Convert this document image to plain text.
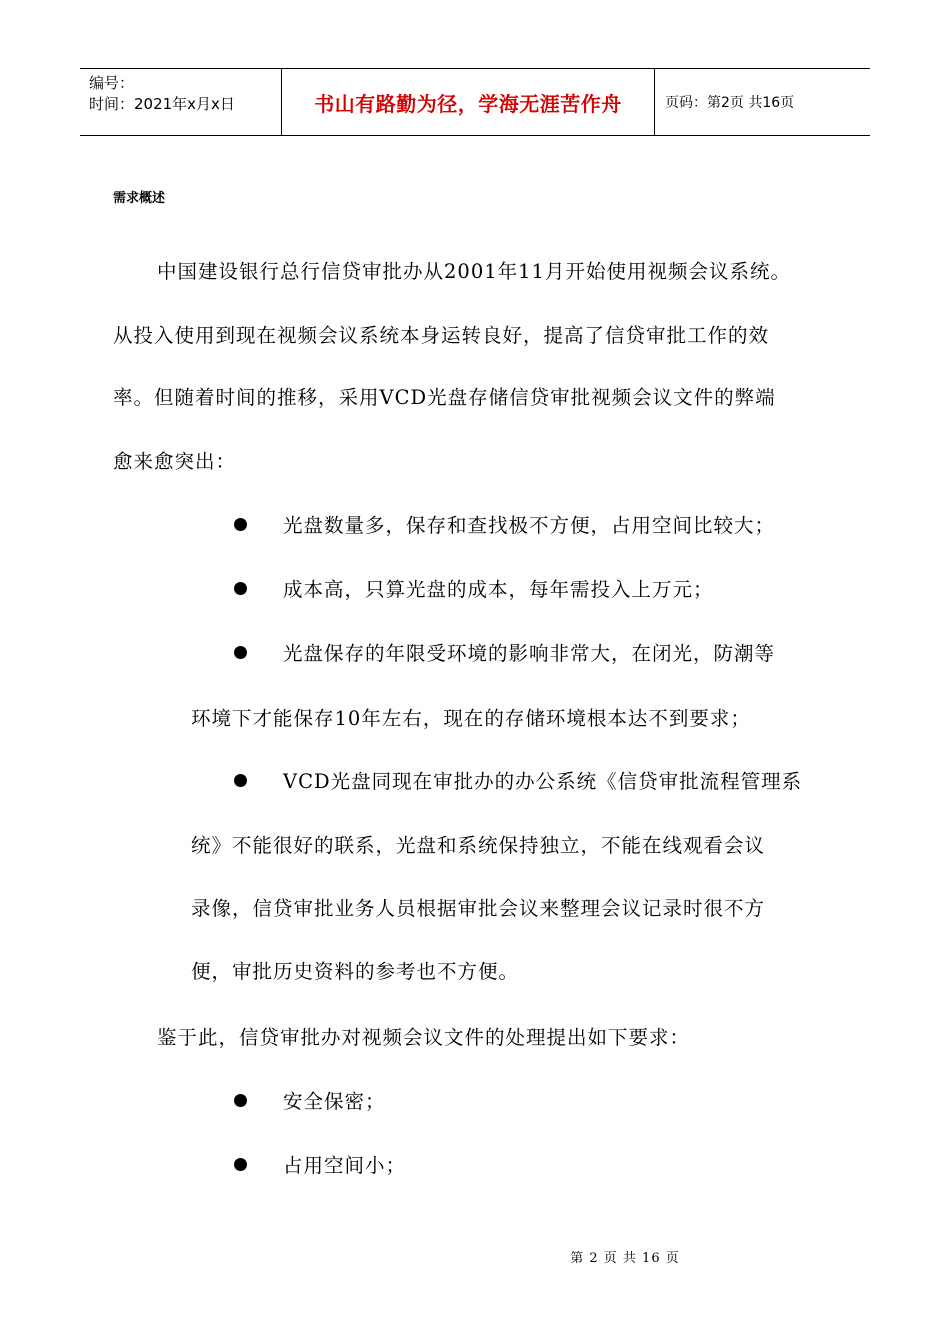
编号：
时间：2021年x月x日	书山有路勤为径，学海无涯苦作舟	页码：第2页 共16页
需求概述
中国建设银行总行信贷审批办从2001年11月开始使用视频会议系统。
从投入使用到现在视频会议系统本身运转良好，提高了信贷审批工作的效
率。但随着时间的推移，采用VCD光盘存储信贷审批视频会议文件的弊端
愈来愈突出：
光盘数量多，保存和查找极不方便，占用空间比较大；
成本高，只算光盘的成本，每年需投入上万元；
光盘保存的年限受环境的影响非常大，在闭光，防潮等
环境下才能保存10年左右，现在的存储环境根本达不到要求；
VCD光盘同现在审批办的办公系统《信贷审批流程管理系
统》不能很好的联系，光盘和系统保持独立，不能在线观看会议
录像，信贷审批业务人员根据审批会议来整理会议记录时很不方
便，审批历史资料的参考也不方便。
鉴于此，信贷审批办对视频会议文件的处理提出如下要求：
安全保密；
占用空间小；
第 2 页 共 16 页
